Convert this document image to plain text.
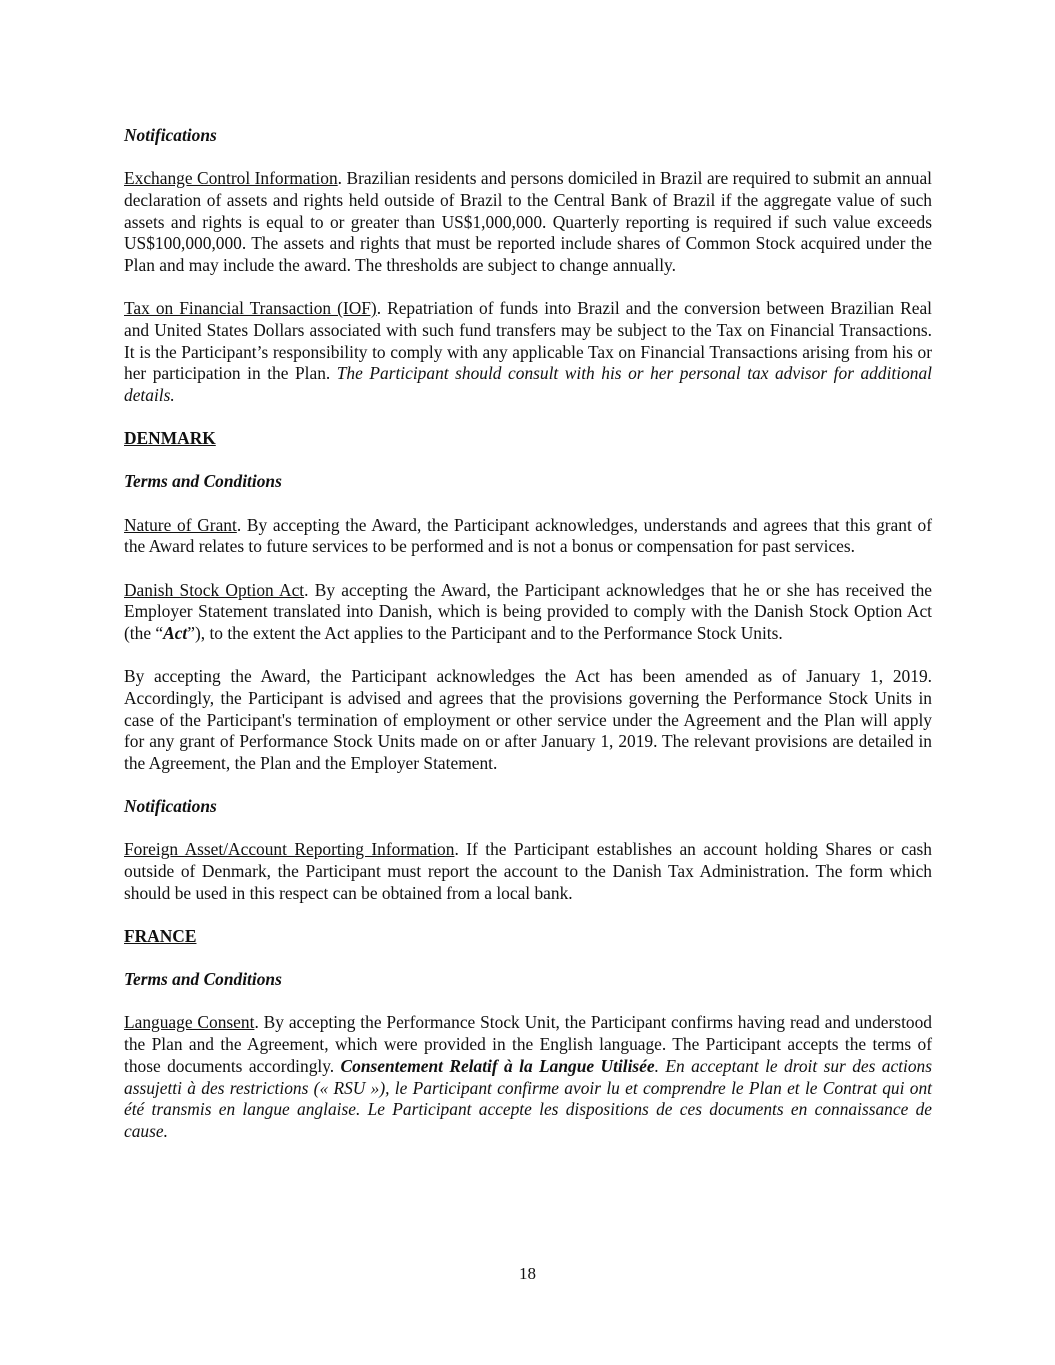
Notifications

Exchange Control Information. Brazilian residents and persons domiciled in Brazil are required to submit an annual declaration of assets and rights held outside of Brazil to the Central Bank of Brazil if the aggregate value of such assets and rights is equal to or greater than US$1,000,000. Quarterly reporting is required if such value exceeds US$100,000,000. The assets and rights that must be reported include shares of Common Stock acquired under the Plan and may include the award. The thresholds are subject to change annually.

Tax on Financial Transaction (IOF). Repatriation of funds into Brazil and the conversion between Brazilian Real and United States Dollars associated with such fund transfers may be subject to the Tax on Financial Transactions. It is the Participant’s responsibility to comply with any applicable Tax on Financial Transactions arising from his or her participation in the Plan. The Participant should consult with his or her personal tax advisor for additional details.

DENMARK

Terms and Conditions

Nature of Grant. By accepting the Award, the Participant acknowledges, understands and agrees that this grant of the Award relates to future services to be performed and is not a bonus or compensation for past services.

Danish Stock Option Act. By accepting the Award, the Participant acknowledges that he or she has received the Employer Statement translated into Danish, which is being provided to comply with the Danish Stock Option Act (the “Act”), to the extent the Act applies to the Participant and to the Performance Stock Units.

By accepting the Award, the Participant acknowledges the Act has been amended as of January 1, 2019. Accordingly, the Participant is advised and agrees that the provisions governing the Performance Stock Units in case of the Participant's termination of employment or other service under the Agreement and the Plan will apply for any grant of Performance Stock Units made on or after January 1, 2019. The relevant provisions are detailed in the Agreement, the Plan and the Employer Statement.

Notifications

Foreign Asset/Account Reporting Information. If the Participant establishes an account holding Shares or cash outside of Denmark, the Participant must report the account to the Danish Tax Administration. The form which should be used in this respect can be obtained from a local bank.

FRANCE

Terms and Conditions

Language Consent. By accepting the Performance Stock Unit, the Participant confirms having read and understood the Plan and the Agreement, which were provided in the English language. The Participant accepts the terms of those documents accordingly. Consentement Relatif à la Langue Utilisée. En acceptant le droit sur des actions assujetti à des restrictions (« RSU »), le Participant confirme avoir lu et comprendre le Plan et le Contrat qui ont été transmis en langue anglaise. Le Participant accepte les dispositions de ces documents en connaissance de cause.

18
